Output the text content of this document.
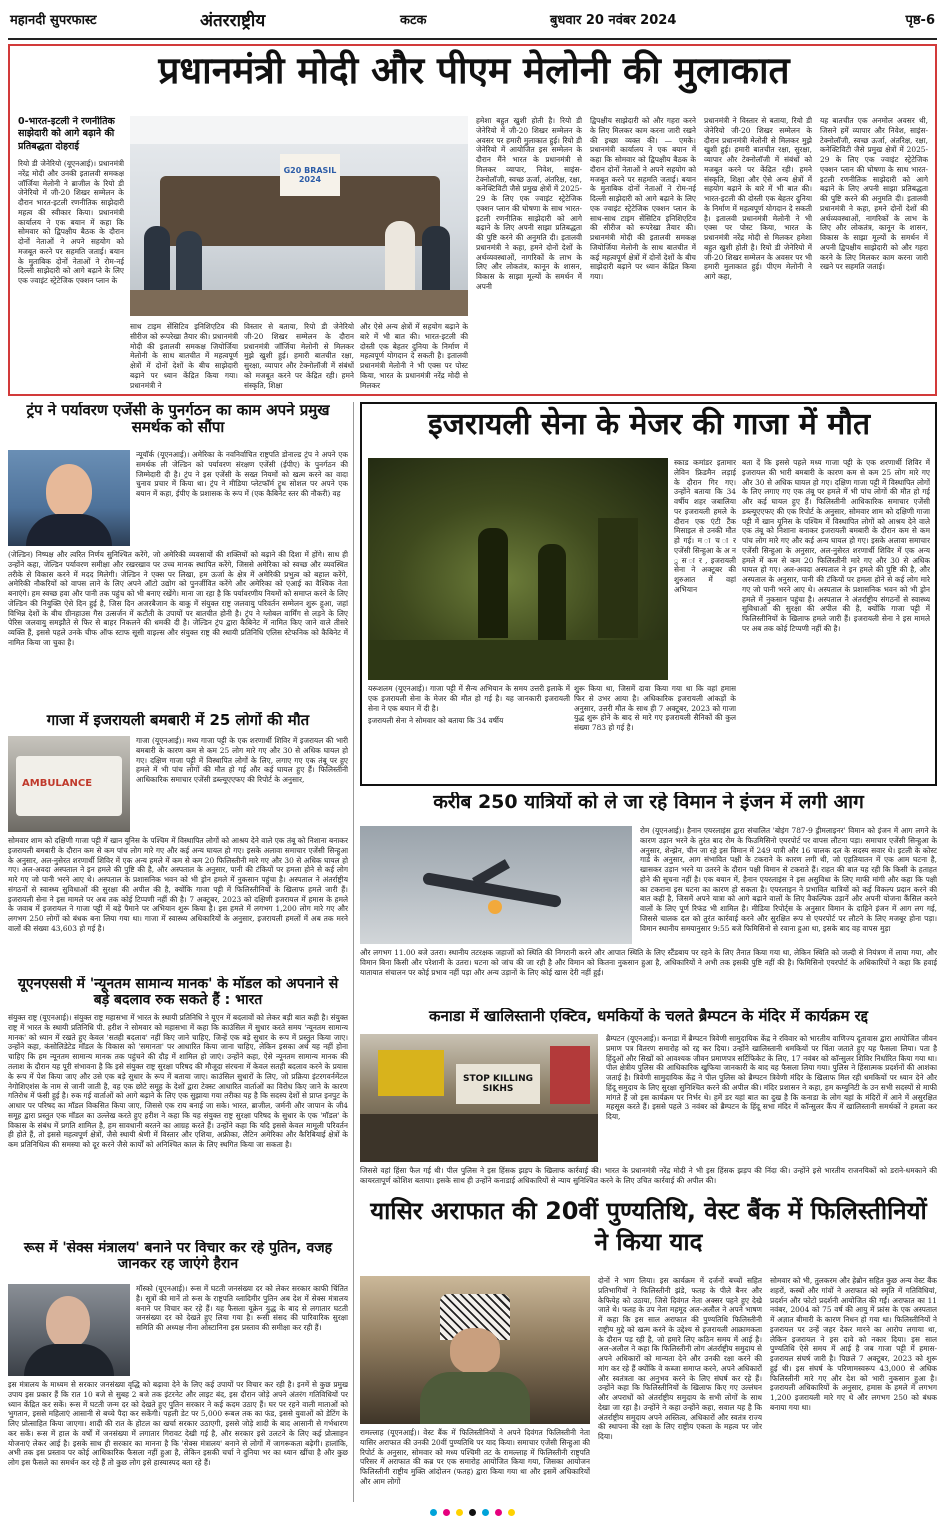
महानदी सुपरफास्ट	अंतरराष्ट्रीय	कटक	बुधवार 20 नवंबर 2024	पृष्ठ-6
प्रधानमंत्री मोदी और पीएम मेलोनी की मुलाकात
0-भारत-इटली ने रणनीतिक साझेदारी को आगे बढ़ाने की प्रतिबद्धता दोहराई
रियो डी जेनेरियो (यूएनआई)। प्रधानमंत्री नरेंद्र मोदी और उनकी इतालवी समकक्ष जॉर्जिया मेलोनी ने ब्राजील के रियो डी जेनेरियो में जी-20 शिखर सम्मेलन के दौरान भारत-इटली रणनीतिक साझेदारी महत्व की स्वीकार किया। प्रधानमंत्री कार्यालय ने एक बयान में कहा कि सोमवार को द्विपक्षीय बैठक के दौरान दोनों नेताओं ने अपने सहयोग को मजबूत करने पर सहमति जताई। बयान के मुताबिक दोनों नेताओं ने रोम-नई दिल्ली साझेदारी को आगे बढ़ाने के लिए एक ज्वाइंट स्ट्रेटेजिक एक्शन प्लान के
G20 BRASIL 2024
साथ टाइम सेंसिटिव इनिशिएटिव की सीरीज को रूपरेखा तैयार की। प्रधानमंत्री मोदी की इतालवी समकक्ष जियोर्जिया मेलोनी के साथ बातचीत में महत्वपूर्ण क्षेत्रों में दोनों देशों के बीच साझेदारी बढ़ाने पर ध्यान केंद्रित किया गया। प्रधानमंत्री ने
विस्तार से बताया, रियो डी जेनेरियो जी-20 शिखर सम्मेलन के दौरान प्रधानमंत्री जॉर्जिया मेलोनी से मिलकर मुझे खुशी हुई। हमारी बातचीत रक्षा, सुरक्षा, व्यापार और टेक्नोलॉजी में संबंधों को मजबूत करने पर केंद्रित रही। हमने संस्कृति, शिक्षा
और ऐसे अन्य क्षेत्रों में सहयोग बढ़ाने के बारे में भी बात की। भारत-इटली की दोस्ती एक बेहतर दुनिया के निर्माण में महत्वपूर्ण योगदान दे सकती है। इतालवी प्रधानमंत्री मेलोनी ने भी एक्स पर पोस्ट किया, भारत के प्रधानमंत्री नरेंद्र मोदी से मिलकर
हमेशा बहुत खुशी होती है। रियो डी जेनेरियो में जी-20 शिखर सम्मेलन के अवसर पर हमारी मुलाकात हुई। रियो डी जेनेरियो में आयोजित इस सम्मेलन के दौरान मैंने भारत के प्रधानमंत्री से मिलकर व्यापार, निवेश, साइंस-टेक्नोलॉजी, स्वच्छ ऊर्जा, अंतरिक्ष, रक्षा, कनेक्टिविटी जैसे प्रमुख क्षेत्रों में 2025-29 के लिए एक ज्वाइंट स्ट्रेटेजिक एक्शन प्लान की घोषणा के साथ भारत-इटली रणनीतिक साझेदारी को आगे बढ़ाने के लिए अपनी साझा प्रतिबद्धता की पुष्टि करने की अनुमति दी। इतालवी प्रधानमंत्री ने कहा, हमने दोनों देशों के अर्थव्यवस्थाओं, नागरिकों के लाभ के लिए और लोकतंत्र, कानून के शासन, विकास के साझा मूल्यों के समर्थन में अपनी
द्विपक्षीय साझेदारी को और गहरा करने के लिए मिलकर काम करना जारी रखने की इच्छा व्यक्त की। — एमके। प्रधानमंत्री कार्यालय ने एक बयान में कहा कि सोमवार को द्विपक्षीय बैठक के दौरान दोनों नेताओं ने अपने सहयोग को मजबूत करने पर सहमति जताई। बयान के मुताबिक दोनों नेताओं ने रोम-नई दिल्ली साझेदारी को आगे बढ़ाने के लिए एक ज्वाइंट स्ट्रेटेजिक एक्शन प्लान के साथ-साथ टाइम सेंसिटिव इनिशिएटिव की सीरीज को रूपरेखा तैयार की। प्रधानमंत्री मोदी की इतालवी समकक्ष जियोर्जिया मेलोनी के साथ बातचीत में कई महत्वपूर्ण क्षेत्रों में दोनों देशों के बीच साझेदारी बढ़ाने पर ध्यान केंद्रित किया गया।
प्रधानमंत्री ने विस्तार से बताया, रियो डी जेनेरियो जी-20 शिखर सम्मेलन के दौरान प्रधानमंत्री मेलोनी से मिलकर मुझे खुशी हुई। हमारी बातचीत रक्षा, सुरक्षा, व्यापार और टेक्नोलॉजी में संबंधों को मजबूत करने पर केंद्रित रही। हमने संस्कृति, शिक्षा और ऐसे अन्य क्षेत्रों में सहयोग बढ़ाने के बारे में भी बात की। भारत-इटली की दोस्ती एक बेहतर दुनिया के निर्माण में महत्वपूर्ण योगदान दे सकती है। इतालवी प्रधानमंत्री मेलोनी ने भी एक्स पर पोस्ट किया, भारत के प्रधानमंत्री नरेंद्र मोदी से मिलकर हमेशा बहुत खुशी होती है। रियो डी जेनेरियो में जी-20 शिखर सम्मेलन के अवसर पर भी हमारी मुलाकात हुई। पीएम मेलोनी ने आगे कहा,
यह बातचीत एक अनमोल अवसर थी, जिसने हमें व्यापार और निवेश, साइंस-टेक्नोलॉजी, स्वच्छ ऊर्जा, अंतरिक्ष, रक्षा, कनेक्टिविटी जैसे प्रमुख क्षेत्रों में 2025-29 के लिए एक ज्वाइंट स्ट्रेटेजिक एक्शन प्लान की घोषणा के साथ भारत-इटली रणनीतिक साझेदारी को आगे बढ़ाने के लिए अपनी साझा प्रतिबद्धता की पुष्टि करने की अनुमति दी। इतालवी प्रधानमंत्री ने कहा, हमने दोनों देशों की अर्थव्यवस्थाओं, नागरिकों के लाभ के लिए और लोकतंत्र, कानून के शासन, विकास के साझा मूल्यों के समर्थन में अपनी द्विपक्षीय साझेदारी को और गहरा करने के लिए मिलकर काम करना जारी रखने पर सहमति जताई।
ट्रंप ने पर्यावरण एजेंसी के पुनर्गठन का काम अपने प्रमुख समर्थक को सौंपा
न्यूयॉर्क (यूएनआई)। अमेरिका के नवनिर्वाचित राष्ट्रपति डोनाल्ड ट्रंप ने अपने एक समर्थक ली जेल्डिन को पर्यावरण संरक्षण एजेंसी (ईपीए) के पुनर्गठन की जिम्मेदारी दी है। ट्रंप ने इस एजेंसी के सख्त नियमों को खत्म करने का वादा चुनाव प्रचार में किया था। ट्रंप ने मीडिया प्लेटफॉर्म ट्रूथ सोशल पर अपने एक बयान में कहा, ईपीए के प्रशासक के रूप में (एक कैबिनेट स्तर की नौकरी) वह
(जेल्डिन) निष्पक्ष और त्वरित निर्णय सुनिश्चित करेंगे, जो अमेरिकी व्यवसायों की शक्तियों को बढ़ाने की दिशा में होंगे। साथ ही उन्होंने कहा, जेल्डिन पर्यावरण समीक्षा और रखरखाव पर उच्च मानक स्थापित करेंगे, जिससे अमेरिका को स्वच्छ और व्यवस्थित तरीके से विकास करने में मदद मिलेगी। जेल्डिन ने एक्स पर लिखा, हम ऊर्जा के क्षेत्र में अमेरिकी प्रभुत्व को बहाल करेंगे, अमेरिकी नौकरियों को वापस लाने के लिए अपने ऑटो उद्योग को पुनर्जीवित करेंगे और अमेरिका को एआई का वैश्विक नेता बनाएंगे। हम स्वच्छ हवा और पानी तक पहुंच को भी बनाए रखेंगे। माना जा रहा है कि पर्यावरणीय नियमों को समाप्त करने के लिए जेल्डिन की नियुक्ति ऐसे दिन हुई है, जिस दिन अजरबैजान के बाकू में संयुक्त राष्ट्र जलवायु परिवर्तन सम्मेलन शुरू हुआ, जहां विभिन्न देशों के बीच ग्रीनहाउस गैस उत्सर्जन में कटौती के उपायों पर बातचीत होनी है। ट्रंप ने ग्लोबल वार्मिंग से लड़ने के लिए पेरिस जलवायु समझौते से फिर से बाहर निकलने की धमकी दी है। जेल्डिन ट्रंप द्वारा कैबिनेट में नामित किए जाने वाले तीसरे व्यक्ति हैं, इससे पहले उनके चीफ ऑफ स्टाफ सूसी वाइल्स और संयुक्त राष्ट्र की स्थायी प्रतिनिधि एलिस स्टेफनिक को कैबिनेट में नामित किया जा चुका है।
गाजा में इजरायली बमबारी में 25 लोगों की मौत
AMBULANCE
गाजा (यूएनआई)। मध्य गाजा पट्टी के एक शरणार्थी शिविर में इजरायल की भारी बमबारी के कारण कम से कम 25 लोग मारे गए और 30 से अधिक घायल हो गए। दक्षिण गाजा पट्टी में विस्थापित लोगों के लिए, लगाए गए एक तंबू पर हुए हमले में भी पांच लोगों की मौत हो गई और कई घायल हुए हैं। फिलिस्तीनी आधिकारिक समाचार एजेंसी डब्ल्यूएएफए की रिपोर्ट के अनुसार,
सोमवार शाम को दक्षिणी गाजा पट्टी में खान यूनिस के पश्चिम में विस्थापित लोगों को आश्रय देने वाले एक तंबू को निशाना बनाकर इजरायली बमबारी के दौरान कम से कम पांच लोग मारे गए और कई अन्य घायल हो गए। इसके अलावा समाचार एजेंसी सिन्हुआ के अनुसार, अल-नुसेरत शरणार्थी शिविर में एक अन्य हमले में कम से कम 20 फिलिस्तीनी मारे गए और 30 से अधिक घायल हो गए। अल-अवदा अस्पताल ने इन हमले की पुष्टि की है, और अस्पताल के अनुसार, पानी की टंकियों पर हमला होने से कई लोग मारे गए जो पानी भरने आए थे। अस्पताल के प्रशासनिक भवन को भी ड्रोन हमले में नुकसान पहुंचा है। अस्पताल ने अंतर्राष्ट्रीय संगठनों से स्वास्थ्य सुविधाओं की सुरक्षा की अपील की है, क्योंकि गाजा पट्टी में फिलिस्तीनियों के खिलाफ हमले जारी हैं। इजरायली सेना ने इस मामले पर अब तक कोई टिप्पणी नहीं की है। 7 अक्टूबर, 2023 को दक्षिणी इजरायल में हमास के हमले के जवाब में इजरायल ने गाजा पट्टी में बड़े पैमाने पर अभियान शुरू किया है। इस हमले में लगभग 1,200 लोग मारे गए और लगभग 250 लोगों को बंधक बना लिया गया था। गाजा में स्वास्थ्य अधिकारियों के अनुसार, इजरायली हमलों में अब तक मरने वालों की संख्या 43,603 हो गई है।
यूएनएससी में 'न्यूनतम सामान्य मानक' के मॉडल को अपनाने से बड़े बदलाव रुक सकते हैं : भारत
संयुक्त राष्ट्र (यूएनआई)। संयुक्त राष्ट्र महासभा में भारत के स्थायी प्रतिनिधि ने यूएन में बदलावों को लेकर बड़ी बात कही है। संयुक्त राष्ट्र में भारत के स्थायी प्रतिनिधि पी. हरीश ने सोमवार को महासभा में कहा कि काउंसिल में सुधार करते समय 'न्यूनतम सामान्य मानक' को ध्यान में रखते हुए केवल 'सतही बदलाव' नहीं किए जाने चाहिए, जिन्हें एक बड़े सुधार के रूप में प्रस्तुत किया जाए। उन्होंने कहा, कंसोलिडेटेड मॉडल के विकास को 'समानता' पर आधारित किया जाना चाहिए, लेकिन इसका अर्थ यह नहीं होना चाहिए कि हम न्यूनतम सामान्य मानक तक पहुंचने की दौड़ में शामिल हो जाएं। उन्होंने कहा, ऐसे न्यूनतम सामान्य मानक की तलाश के दौरान यह पूरी संभावना है कि इसे संयुक्त राष्ट्र सुरक्षा परिषद की मौजूदा संरचना में केवल सतही बदलाव करने के प्रयास के रूप में पेश किया जाए और उसे एक बड़े सुधार के रूप में बताया जाए। काउंसिल सुधारों के लिए, जो प्रक्रिया इंटरगवर्नमेंटल नेगोशिएशंस के नाम से जानी जाती है, वह एक छोटे समूह के देशों द्वारा टेक्स्ट आधारित वार्ताओं का विरोध किए जाने के कारण गतिरोध में फंसी हुई है। रुक गई वार्ताओं को आगे बढ़ाने के लिए एक सुझाया गया तरीका यह है कि सदस्य देशों से प्राप्त इनपुट के आधार पर परिषद का मॉडल विकसित किया जाए, जिससे एक राय बनाई जा सके। भारत, ब्राजील, जर्मनी और जापान के जी4 समूह द्वारा प्रस्तुत एक मॉडल का उल्लेख करते हुए हरीश ने कहा कि यह संयुक्त राष्ट्र सुरक्षा परिषद के सुधार के एक 'मॉडल' के विकास के संबंध में प्रगति शामिल है, हम सावधानी बरतने का आग्रह करते हैं। उन्होंने कहा कि यदि इससे केवल मामूली परिवर्तन ही होते हैं, तो इससे महत्वपूर्ण क्षेत्रों, जैसे स्थायी श्रेणी में विस्तार और एशिया, अफ्रीका, लैटिन अमेरिका और कैरिबियाई क्षेत्रों के कम प्रतिनिधित्व की समस्या को दूर करने जैसे कार्यों को अनिश्चित काल के लिए स्थगित किया जा सकता है।
रूस में 'सेक्स मंत्रालय' बनाने पर विचार कर रहे पुतिन, वजह जानकर रह जाएंगे हैरान
मॉस्को (यूएनआई)। रूस में घटती जनसंख्या दर को लेकर सरकार काफी चिंतित है। सूत्रों की मानें तो रूस के राष्ट्रपति व्लादिमीर पुतिन अब देश में सेक्स मंत्रालय बनाने पर विचार कर रहे हैं। यह फैसला यूक्रेन युद्ध के बाद से लगातार घटती जनसंख्या दर को देखते हुए लिया गया है। रूसी संसद की पारिवारिक सुरक्षा समिति की अध्यक्ष नीना ओस्टानिना इस प्रस्ताव की समीक्षा कर रही हैं।
इस मंत्रालय के माध्यम से सरकार जनसंख्या वृद्धि को बढ़ावा देने के लिए कई उपायों पर विचार कर रही है। इनमें से कुछ प्रमुख उपाय इस प्रकार हैं कि रात 10 बजे से सुबह 2 बजे तक इंटरनेट और लाइट बंद, इस दौरान जोड़े अपने अंतरंग गतिविधियों पर ध्यान केंद्रित कर सकें। रूस में घटती जन्म दर को देखते हुए पुतिन सरकार ने कई कदम उठाए हैं। घर पर रहने वाली माताओं को भुगतान, इससे महिलाएं आसानी से बच्चे पैदा कर सकेंगी। पहली डेट पर 5,000 रूबल तक का फंड, इससे युवाओं को डेटिंग के लिए प्रोत्साहित किया जाएगा। शादी की रात के होटल का खर्चा सरकार उठाएगी, इससे जोड़े शादी के बाद आसानी से गर्भधारण कर सकें। रूस में हाल के वर्षों में जनसंख्या में लगातार गिरावट देखी गई है, और सरकार इसे उलटने के लिए कई प्रोत्साहन योजनाएं लेकर आई है। इसके साथ ही सरकार का मानना है कि 'सेक्स मंत्रालय' बनाने से लोगों में जागरूकता बढ़ेगी। हालांकि, अभी तक इस प्रस्ताव पर कोई आधिकारिक फैसला नहीं हुआ है, लेकिन इसकी चर्चा ने दुनिया भर का ध्यान खींचा है और कुछ लोग इस फैसले का समर्थन कर रहे हैं तो कुछ लोग इसे हास्यास्पद बता रहे हैं।
इजरायली सेना के मेजर की गाजा में मौत
स्काड कमांडर इतामार लेविन फ्रिडमैन लड़ाई के दौरान गिर गए। उन्होंने बताया कि 34 वर्षीय शहर जबालिया पर इजरायली हमले के दौरान एक एंटी टैंक मिसाइल से उनकी मौत हो गई। म ा च ा र एजेंसी सिन्हुआ के अ न ु स ा र , इजरायली सेना ने अक्टूबर की शुरुआत में वहां अभियान
यरूशलम (यूएनआई)। गाजा पट्टी में सैन्य अभियान के समय उत्तरी इलाके में एक इजरायली सेना के मेजर की मौत हो गई है। यह जानकारी इजरायली सेना ने एक बयान में दी है।
इजरायली सेना ने सोमवार को बताया कि 34 वर्षीय
शुरू किया था, जिसमें दावा किया गया था कि वहां हमास फिर से उभर आया है। अधिकारिक इजरायली आंकड़ों के अनुसार, उत्तरी मौत के साथ ही 7 अक्टूबर, 2023 को गाजा युद्ध शुरू होने के बाद से मारे गए इजरायली सैनिकों की कुल संख्या 783 हो गई है।
बता दें कि इससे पहले मध्य गाजा पट्टी के एक शरणार्थी शिविर में इजरायल की भारी बमबारी के कारण कम से कम 25 लोग मारे गए और 30 से अधिक घायल हो गए। दक्षिण गाजा पट्टी में विस्थापित लोगों के लिए लगाए गए एक तंबू पर हमले में भी पांच लोगों की मौत हो गई और कई घायल हुए हैं। फिलिस्तीनी आधिकारिक समाचार एजेंसी डब्ल्यूएएफए की एक रिपोर्ट के अनुसार, सोमवार शाम को दक्षिणी गाजा पट्टी में खान यूनिस के पश्चिम में विस्थापित लोगों को आश्रय देने वाले एक तंबू को निशाना बनाकर इजरायली बमबारी के दौरान कम से कम पांच लोग मारे गए और कई अन्य घायल हो गए। इसके अलावा समाचार एजेंसी सिन्हुआ के अनुसार, अल-नुसेरत शरणार्थी शिविर में एक अन्य हमले में कम से कम 20 फिलिस्तीनी मारे गए और 30 से अधिक घायल हो गए। अल-अवदा अस्पताल ने इन हमले की पुष्टि की है, और अस्पताल के अनुसार, पानी की टंकियों पर हमला होने से कई लोग मारे गए जो पानी भरने आए थे। अस्पताल के प्रशासनिक भवन को भी ड्रोन हमले में नुकसान पहुंचा है। अस्पताल ने अंतर्राष्ट्रीय संगठनों से स्वास्थ्य सुविधाओं की सुरक्षा की अपील की है, क्योंकि गाजा पट्टी में फिलिस्तीनियों के खिलाफ हमले जारी हैं। इजरायली सेना ने इस मामले पर अब तक कोई टिप्पणी नहीं की है।
करीब 250 यात्रियों को ले जा रहे विमान ने इंजन में लगी आग
रोम (यूएनआई)। हैनान एयरलाइंस द्वारा संचालित 'बोइंग 787-9 ड्रीमलाइनर' विमान को इंजन में आग लगने के कारण उड़ान भरने के तुरंत बाद रोम के फिउमिसिनो एयरपोर्ट पर वापस लौटना पड़ा। समाचार एजेंसी सिन्हुआ के अनुसार, शेन्झेन, चीन जा रहे इस विमान में 249 यात्री और 16 चालक दल के सदस्य सवार थे। इटली के कोस्ट गार्ड के अनुसार, आग संभावित पक्षी के टकराने के कारण लगी थी, जो एहतियातन में एक आम घटना है, खासकर उड़ान भरने या उतरने के दौरान पक्षी विमान से टकराते हैं। राहत की बात यह रही कि किसी के हताहत होने की सूचना नहीं है। एक बयान में, हैनान एयरलाइंस ने इस असुविधा के लिए माफी मांगी और कहा कि पक्षी का टकराना इस घटना का कारण हो सकता है। एयरलाइन ने प्रभावित यात्रियों को कई विकल्प प्रदान करने की बात कही है, जिसमें अपने यात्रा को आगे बढ़ाने वालों के लिए वैकल्पिक उड़ानें और अपनी योजना कैंसिल करने वालों के लिए पूर्ण रिफंड भी शामिल है। मीडिया रिपोर्ट्स के अनुसार विमान के दाहिने इंजन में आग लग गई, जिससे चालक दल को तुरंत कार्रवाई करने और सुरक्षित रूप से एयरपोर्ट पर लौटने के लिए मजबूर होना पड़ा। विमान स्थानीय समयानुसार 9:55 बजे फिमिसिनो से रवाना हुआ था, इसके बाद वह वापस मुड़ा
और लगभग 11.00 बजे उतरा। स्थानीय तटरक्षक जहाजों को स्थिति की निगरानी करने और आपात स्थिति के लिए स्टैंडबाय पर रहने के लिए तैनात किया गया था, लेकिन स्थिति को जल्दी से नियंत्रण में लाया गया, और विमान बिना किसी और परेशानी के उतरा। घटना को जांच की जा रही है और विमान को कितना नुकसान हुआ है, अधिकारियों ने अभी तक इसकी पुष्टि नहीं की है। फिमिसिनो एयरपोर्ट के अधिकारियों ने कहा कि हवाई यातायात संचालन पर कोई प्रभाव नहीं पड़ा और अन्य उड़ानों के लिए कोई खास देरी नहीं हुई।
कनाडा में खालिस्तानी एक्टिव, धमकियों के चलते ब्रैम्पटन के मंदिर में कार्यक्रम रद्द
STOP KILLING SIKHS
ब्रैम्पटन (यूएनआई)। कनाडा में ब्रैम्पटन त्रिवेणी सामुदायिक केंद्र ने रविवार को भारतीय वाणिज्य दूतावास द्वारा आयोजित जीवन प्रमाण पत्र वितरण समारोह को रद्द कर दिया। उन्होंने खालिस्तानी धमकियों पर चिंता जताते हुए यह फैसला लिया। पता है हिंदुओं और सिखों को आवश्यक जीवन प्रमाणपत्र सर्टिफिकेट के लिए, 17 नवंबर को कॉन्सुलर शिविर निर्धारित किया गया था। पील क्षेत्रीय पुलिस की आधिकारिक खुफिया जानकारी के बाद यह फैसला लिया गया। पुलिस ने हिंसात्मक प्रदर्शनों की आशंका जताई है। त्रिवेणी सामुदायिक केंद्र ने पील पुलिस को ब्रैम्पटन त्रिवेणी मंदिर के खिलाफ मिल रही धमकियों पर ध्यान देने और हिंदू समुदाय के लिए सुरक्षा सुनिश्चित करने की अपील की। मंदिर प्रशासन ने कहा, हम कम्युनिटी के उन सभी सदस्यों से माफी मांगते हैं जो इस कार्यक्रम पर निर्भर थे। हमें डर यहां बात का दुख है कि कनाडा के लोग यहां के मंदिरों में आने में असुरक्षित महसूस करते हैं। इससे पहले 3 नवंबर को ब्रैम्पटन के हिंदू सभा मंदिर में कॉन्सुलर कैंप में खालिस्तानी समर्थकों ने हमला कर दिया,
जिससे वहां हिंसा फैल गई थी। पील पुलिस ने इस हिंसक झड़प के खिलाफ कार्रवाई की। भारत के प्रधानमंत्री नरेंद्र मोदी ने भी इस हिंसक झड़प की निंदा की। उन्होंने इसे भारतीय राजनयिकों को डराने-धमकाने की कायरतापूर्ण कोशिश बताया। इसके साथ ही उन्होंने कनाडाई अधिकारियों से न्याय सुनिश्चित करने के लिए उचित कार्रवाई की अपील की।
यासिर अराफात की 20वीं पुण्यतिथि, वेस्ट बैंक में फिलिस्तीनियों ने किया याद
रामल्लाह (यूएनआई)। वेस्ट बैंक में फिलिस्तीनियों ने अपने दिवंगत फिलिस्तीनी नेता यासिर अराफात की उनकी 20वीं पुण्यतिथि पर याद किया। समाचार एजेंसी सिन्हुआ की रिपोर्ट के अनुसार, सोमवार को मध्य पश्चिमी तट के रामल्लाह में फिलिस्तीनी राष्ट्रपति परिसर में अराफात की कब्र पर एक समारोह आयोजित किया गया, जिसका आयोजन फिलिस्तीनी राष्ट्रीय मुक्ति आंदोलन (फतह) द्वारा किया गया था और इसमें अधिकारियों और आम लोगों
दोनों ने भाग लिया। इस कार्यक्रम में दर्जनों बच्चों सहित प्रतिभागियों ने फिलिस्तीनी झंडे, फतह के पीले बैनर और केफियेह को उठाया, जिसे दिवंगत नेता अक्सर पहने हुए देखे जाते थे। फतह के उप नेता महमूद अल-अलौल ने अपने भाषण में कहा कि इस साल अराफात की पुण्यतिथि फिलिस्तीनी राष्ट्रीय मुद्दे को खत्म करने के उद्देश्य से इजरायली आक्रामकता के दौरान पड़ रही है, जो हमारे लिए कठिन समय में आई है। अल-अलौल ने कहा कि फिलिस्तीनी लोग अंतर्राष्ट्रीय समुदाय से अपने अधिकारों को मान्यता देने और उनकी रक्षा करने की मांग कर रहे हैं क्योंकि वे कब्जा समाप्त करने, अपने अधिकारों और स्वतंत्रता का अनुभव करने के लिए संघर्ष कर रहे हैं। उन्होंने कहा कि फिलिस्तीनियों के खिलाफ किए गए उल्लंघन और अपराधों को अंतर्राष्ट्रीय समुदाय के सभी लोगों के साथ देखा जा रहा है। उन्होंने ने कहा उन्होंने कहा, सवाल यह है कि अंतर्राष्ट्रीय समुदाय अपने अस्तित्व, अधिकारों और स्वतंत्र राज्य की स्थापना की रक्षा के लिए राष्ट्रीय एकता के महत्व पर जोर दिया।
सोमवार को भी, तुलकरम और हेब्रोन सहित कुछ अन्य वेस्ट बैंक शहरों, कस्बों और गांवों ने अराफात को स्मृति में गतिविधियां, प्रदर्शन और फोटो प्रदर्शनी आयोजित की गईं। अराफात का 11 नवंबर, 2004 को 75 वर्ष की आयु में फ्रांस के एक अस्पताल में अज्ञात बीमारी के कारण निधन हो गया था। फिलिस्तीनियों ने इजरायल पर उन्हें जहर देकर मारने का आरोप लगाया था, लेकिन इजरायल ने इस दावे को नकार दिया। इस साल पुण्यतिथि ऐसे समय में आई है जब गाजा पट्टी में हमास-इजरायल संघर्ष जारी है। पिछले 7 अक्टूबर, 2023 को शुरू हुई थी। इस संघर्ष के परिणामस्वरूप 43,000 से अधिक फिलिस्तीनी मारे गए और देश को भारी नुकसान हुआ है। इजरायली अधिकारियों के अनुसार, हमास के हमले में लगभग 1,200 इजरायली मारे गए थे और लगभग 250 को बंधक बनाया गया था।
